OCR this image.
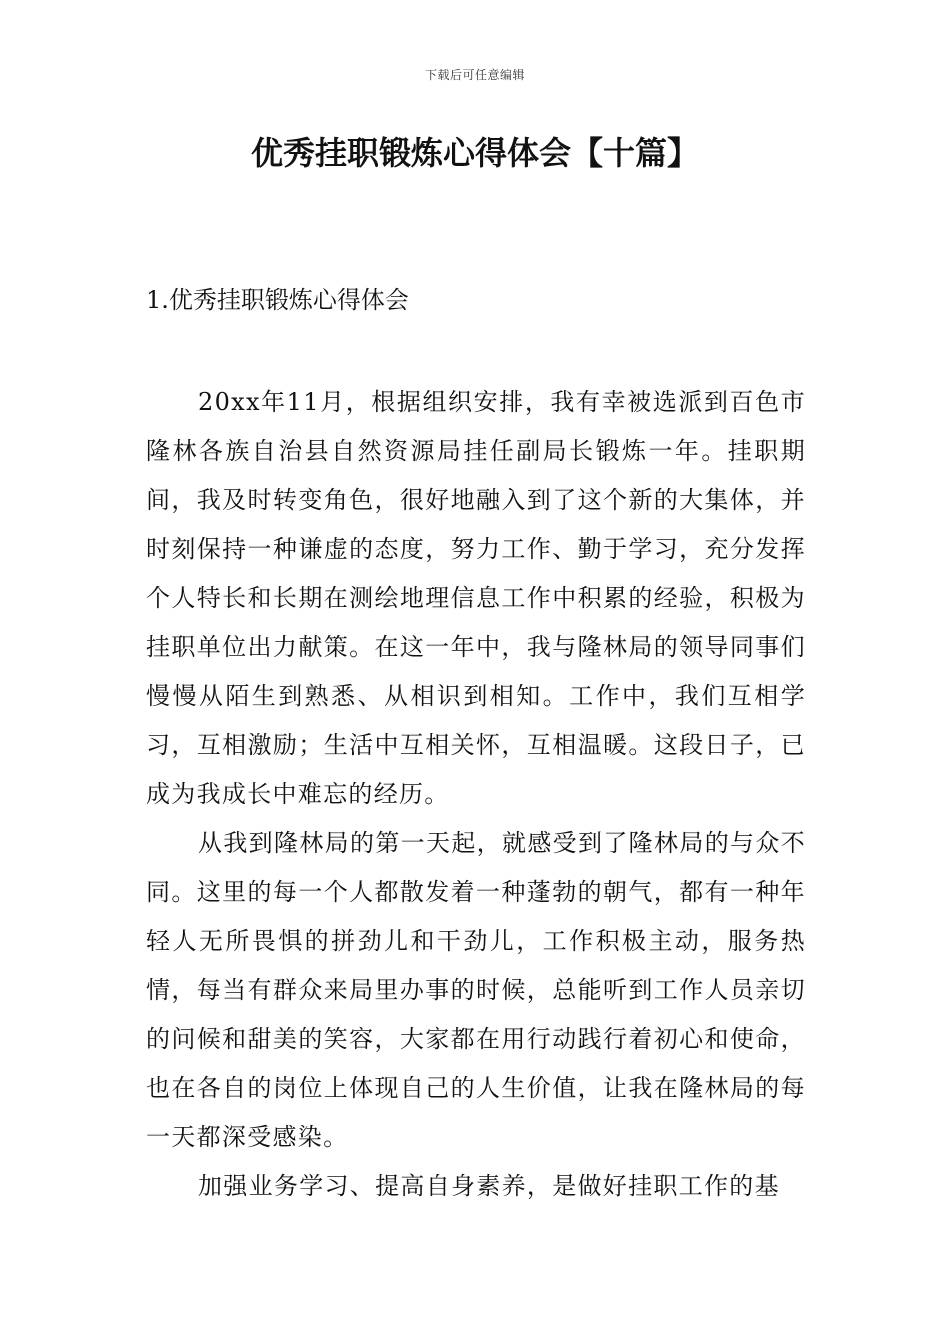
下载后可任意编辑
优秀挂职锻炼心得体会【十篇】
1.优秀挂职锻炼心得体会

20xx年11月，根据组织安排，我有幸被选派到百色市隆林各族自治县自然资源局挂任副局长锻炼一年。挂职期间，我及时转变角色，很好地融入到了这个新的大集体，并时刻保持一种谦虚的态度，努力工作、勤于学习，充分发挥个人特长和长期在测绘地理信息工作中积累的经验，积极为挂职单位出力献策。在这一年中，我与隆林局的领导同事们慢慢从陌生到熟悉、从相识到相知。工作中，我们互相学习，互相激励；生活中互相关怀，互相温暖。这段日子，已成为我成长中难忘的经历。

从我到隆林局的第一天起，就感受到了隆林局的与众不同。这里的每一个人都散发着一种蓬勃的朝气，都有一种年轻人无所畏惧的拼劲儿和干劲儿，工作积极主动，服务热情，每当有群众来局里办事的时候，总能听到工作人员亲切的问候和甜美的笑容，大家都在用行动践行着初心和使命，也在各自的岗位上体现自己的人生价值，让我在隆林局的每一天都深受感染。

加强业务学习、提高自身素养，是做好挂职工作的基
